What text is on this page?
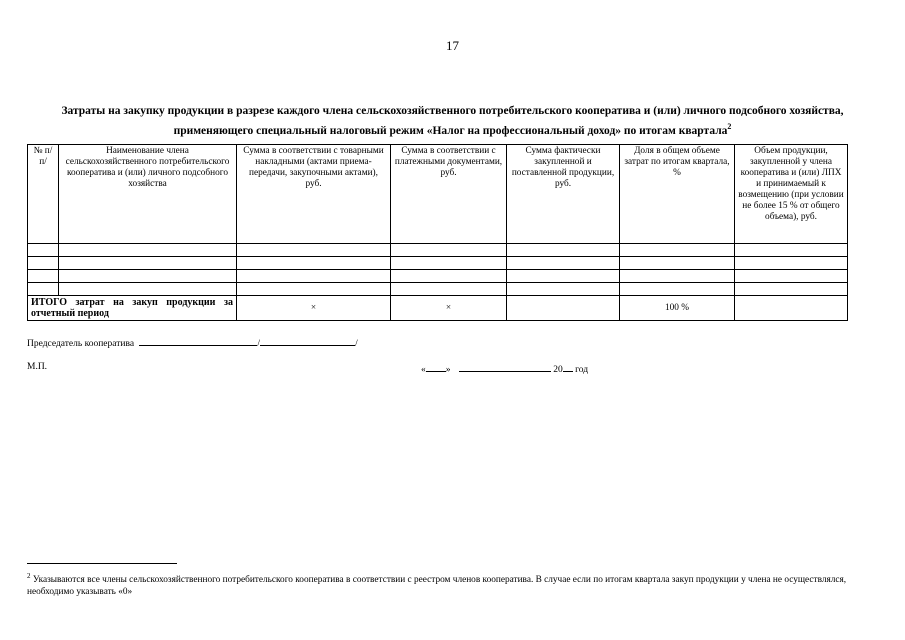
17
Затраты на закупку продукции в разрезе каждого члена сельскохозяйственного потребительского кооператива и (или) личного подсобного хозяйства, применяющего специальный налоговый режим «Налог на профессиональный доход» по итогам квартала$^2$
№ п/п/	Наименование члена сельскохозяйственного потребительского кооператива и (или) личного подсобного хозяйства	Сумма в соответствии с товарными накладными (актами приема-передачи, закупочными актами), руб.	Сумма в соответствии с платежными документами, руб.	Сумма фактически закупленной и поставленной продукции, руб.	Доля в общем объеме затрат по итогам квартала, %	Объем продукции, закупленной у члена кооператива и (или) ЛПХ и принимаемый к возмещению (при условии не более 15 % от общего объема), руб.

ИТОГО затрат на закуп продукции за отчетный период		×	×		100 %	
Председатель кооператива	/	/
М.П.	« »	20 год
$^2$ Указываются все члены сельскохозяйственного потребительского кооператива в соответствии с реестром членов кооператива. В случае если по итогам квартала закуп продукции у члена не осуществлялся, необходимо указывать «0»
